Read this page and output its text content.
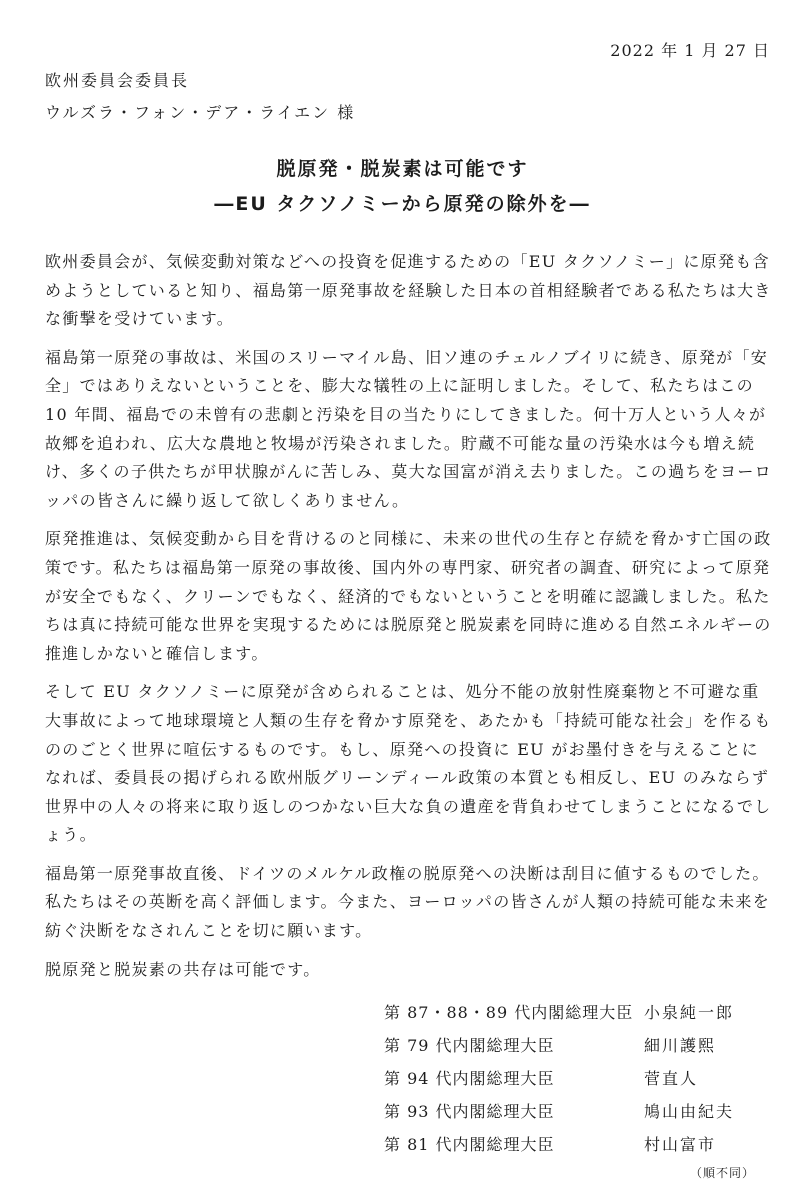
2022 年 1 月 27 日
欧州委員会委員長
ウルズラ・フォン・デア・ライエン 様
脱原発・脱炭素は可能です
―EU タクソノミーから原発の除外を―

欧州委員会が、気候変動対策などへの投資を促進するための「EU タクソノミー」に原発も含めようとしていると知り、福島第一原発事故を経験した日本の首相経験者である私たちは大きな衝撃を受けています。

福島第一原発の事故は、米国のスリーマイル島、旧ソ連のチェルノブイリに続き、原発が「安全」ではありえないということを、膨大な犠牲の上に証明しました。そして、私たちはこの 10 年間、福島での未曾有の悲劇と汚染を目の当たりにしてきました。何十万人という人々が故郷を追われ、広大な農地と牧場が汚染されました。貯蔵不可能な量の汚染水は今も増え続け、多くの子供たちが甲状腺がんに苦しみ、莫大な国富が消え去りました。この過ちをヨーロッパの皆さんに繰り返して欲しくありません。

原発推進は、気候変動から目を背けるのと同様に、未来の世代の生存と存続を脅かす亡国の政策です。私たちは福島第一原発の事故後、国内外の専門家、研究者の調査、研究によって原発が安全でもなく、クリーンでもなく、経済的でもないということを明確に認識しました。私たちは真に持続可能な世界を実現するためには脱原発と脱炭素を同時に進める自然エネルギーの推進しかないと確信します。

そして EU タクソノミーに原発が含められることは、処分不能の放射性廃棄物と不可避な重大事故によって地球環境と人類の生存を脅かす原発を、あたかも「持続可能な社会」を作るもののごとく世界に喧伝するものです。もし、原発への投資に EU がお墨付きを与えることになれば、委員長の掲げられる欧州版グリーンディール政策の本質とも相反し、EU のみならず世界中の人々の将来に取り返しのつかない巨大な負の遺産を背負わせてしまうことになるでしょう。

福島第一原発事故直後、ドイツのメルケル政権の脱原発への決断は刮目に値するものでした。私たちはその英断を高く評価します。今また、ヨーロッパの皆さんが人類の持続可能な未来を紡ぐ決断をなされんことを切に願います。

脱原発と脱炭素の共存は可能です。

第 87・88・89 代内閣総理大臣 小泉純一郎
第 79 代内閣総理大臣	細川護熙
第 94 代内閣総理大臣	菅直人
第 93 代内閣総理大臣	鳩山由紀夫
第 81 代内閣総理大臣	村山富市
（順不同）
